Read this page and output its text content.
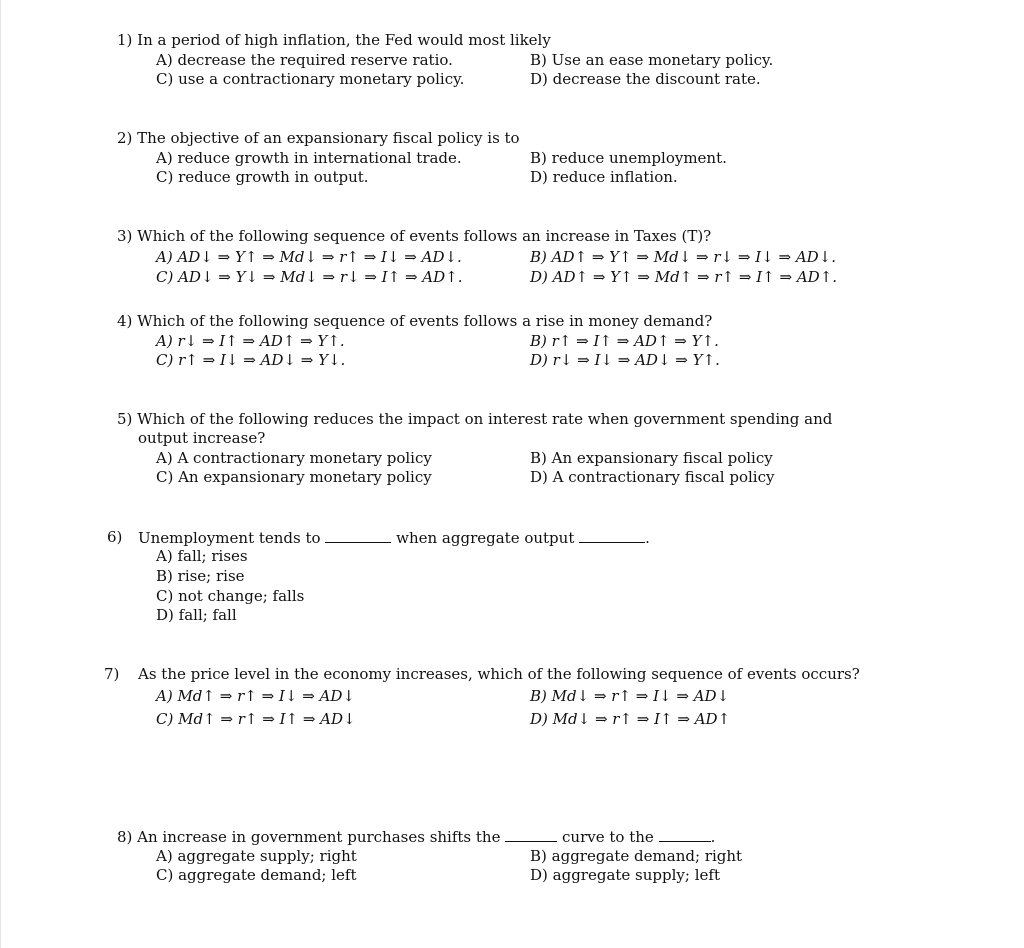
1) In a period of high inflation, the Fed would most likely
A) decrease the required reserve ratio.	B) Use an ease monetary policy.
C) use a contractionary monetary policy.	D) decrease the discount rate.
2) The objective of an expansionary fiscal policy is to
A) reduce growth in international trade.	B) reduce unemployment.
C) reduce growth in output.	D) reduce inflation.
3) Which of the following sequence of events follows an increase in Taxes (T)?
A) AD↓ ⇒ Y↑ ⇒ Md↓ ⇒ r↑ ⇒ I↓ ⇒ AD↓.	B) AD↑ ⇒ Y↑ ⇒ Md↓ ⇒ r↓ ⇒ I↓ ⇒ AD↓.
C) AD↓ ⇒ Y↓ ⇒ Md↓ ⇒ r↓ ⇒ I↑ ⇒ AD↑.	D) AD↑ ⇒ Y↑ ⇒ Md↑ ⇒ r↑ ⇒ I↑ ⇒ AD↑.
4) Which of the following sequence of events follows a rise in money demand?
A) r↓ ⇒ I↑ ⇒ AD↑ ⇒ Y↑.	B) r↑ ⇒ I↑ ⇒ AD↑ ⇒ Y↑.
C) r↑ ⇒ I↓ ⇒ AD↓ ⇒ Y↓.	D) r↓ ⇒ I↓ ⇒ AD↓ ⇒ Y↑.
5) Which of the following reduces the impact on interest rate when government spending and output increase?
A) A contractionary monetary policy	B) An expansionary fiscal policy
C) An expansionary monetary policy	D) A contractionary fiscal policy
6) Unemployment tends to	when aggregate output	.
A) fall; rises
B) rise; rise
C) not change; falls
D) fall; fall
7) As the price level in the economy increases, which of the following sequence of events occurs?
A) Md↑ ⇒ r↑ ⇒ I↓ ⇒ AD↓	B) Md↓ ⇒ r↑ ⇒ I↓ ⇒ AD↓
C) Md↑ ⇒ r↑ ⇒ I↑ ⇒ AD↓	D) Md↓ ⇒ r↑ ⇒ I↑ ⇒ AD↑
8) An increase in government purchases shifts the	curve to the	.
A) aggregate supply; right	B) aggregate demand; right
C) aggregate demand; left	D) aggregate supply; left
